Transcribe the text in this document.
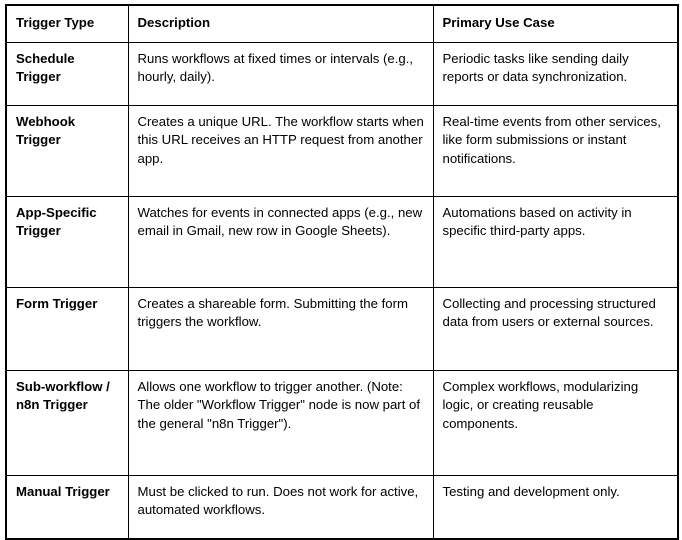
Trigger Type	Description	Primary Use Case
Schedule Trigger	Runs workflows at fixed times or intervals (e.g., hourly, daily).	Periodic tasks like sending daily reports or data synchronization.
Webhook Trigger	Creates a unique URL. The workflow starts when this URL receives an HTTP request from another app.	Real-time events from other services, like form submissions or instant notifications.
App-Specific Trigger	Watches for events in connected apps (e.g., new email in Gmail, new row in Google Sheets).	Automations based on activity in specific third-party apps.
Form Trigger	Creates a shareable form. Submitting the form triggers the workflow.	Collecting and processing structured data from users or external sources.
Sub-workflow / n8n Trigger	Allows one workflow to trigger another. (Note: The older "Workflow Trigger" node is now part of the general "n8n Trigger").	Complex workflows, modularizing logic, or creating reusable components.
Manual Trigger	Must be clicked to run. Does not work for active, automated workflows.	Testing and development only.
